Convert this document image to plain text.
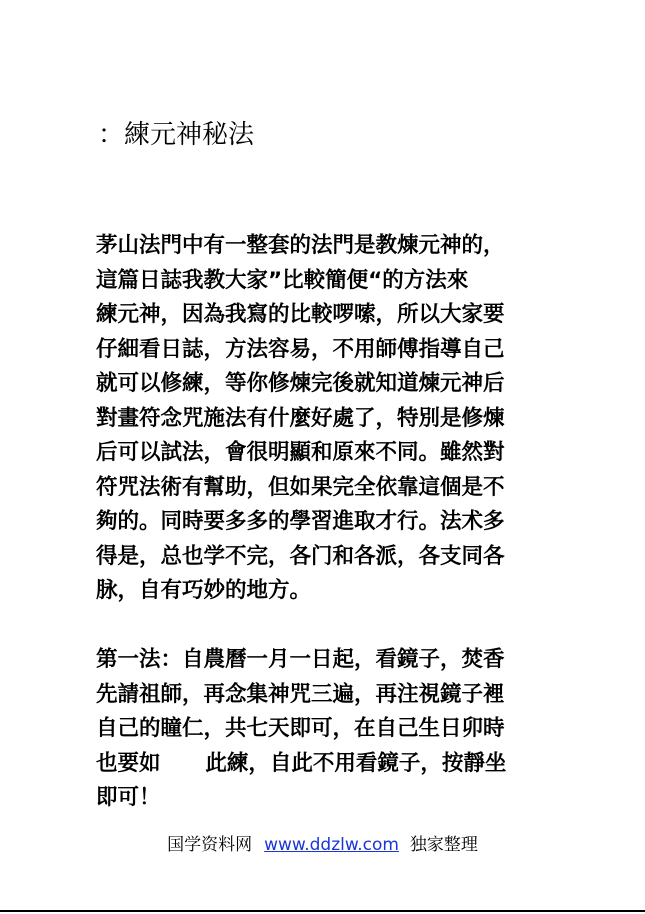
：練元神秘法
茅山法門中有一整套的法門是教煉元神的，
這篇日誌我教大家”比較簡便“的方法來
練元神，因為我寫的比較啰嗦，所以大家要
仔細看日誌，方法容易，不用師傅指導自己
就可以修練，等你修煉完後就知道煉元神后
對畫符念咒施法有什麼好處了，特別是修煉
后可以試法，會很明顯和原來不同。雖然對
符咒法術有幫助，但如果完全依靠這個是不
夠的。同時要多多的學習進取才行。法术多
得是，总也学不完，各门和各派，各支同各
脉，自有巧妙的地方。
第一法：自農曆一月一日起，看鏡子，焚香
先請祖師，再念集神咒三遍，再注視鏡子裡
自己的瞳仁，共七天即可，在自己生日卯時
也要如      此練，自此不用看鏡子，按靜坐
即可！
国学资料网 www.ddzlw.com 独家整理
